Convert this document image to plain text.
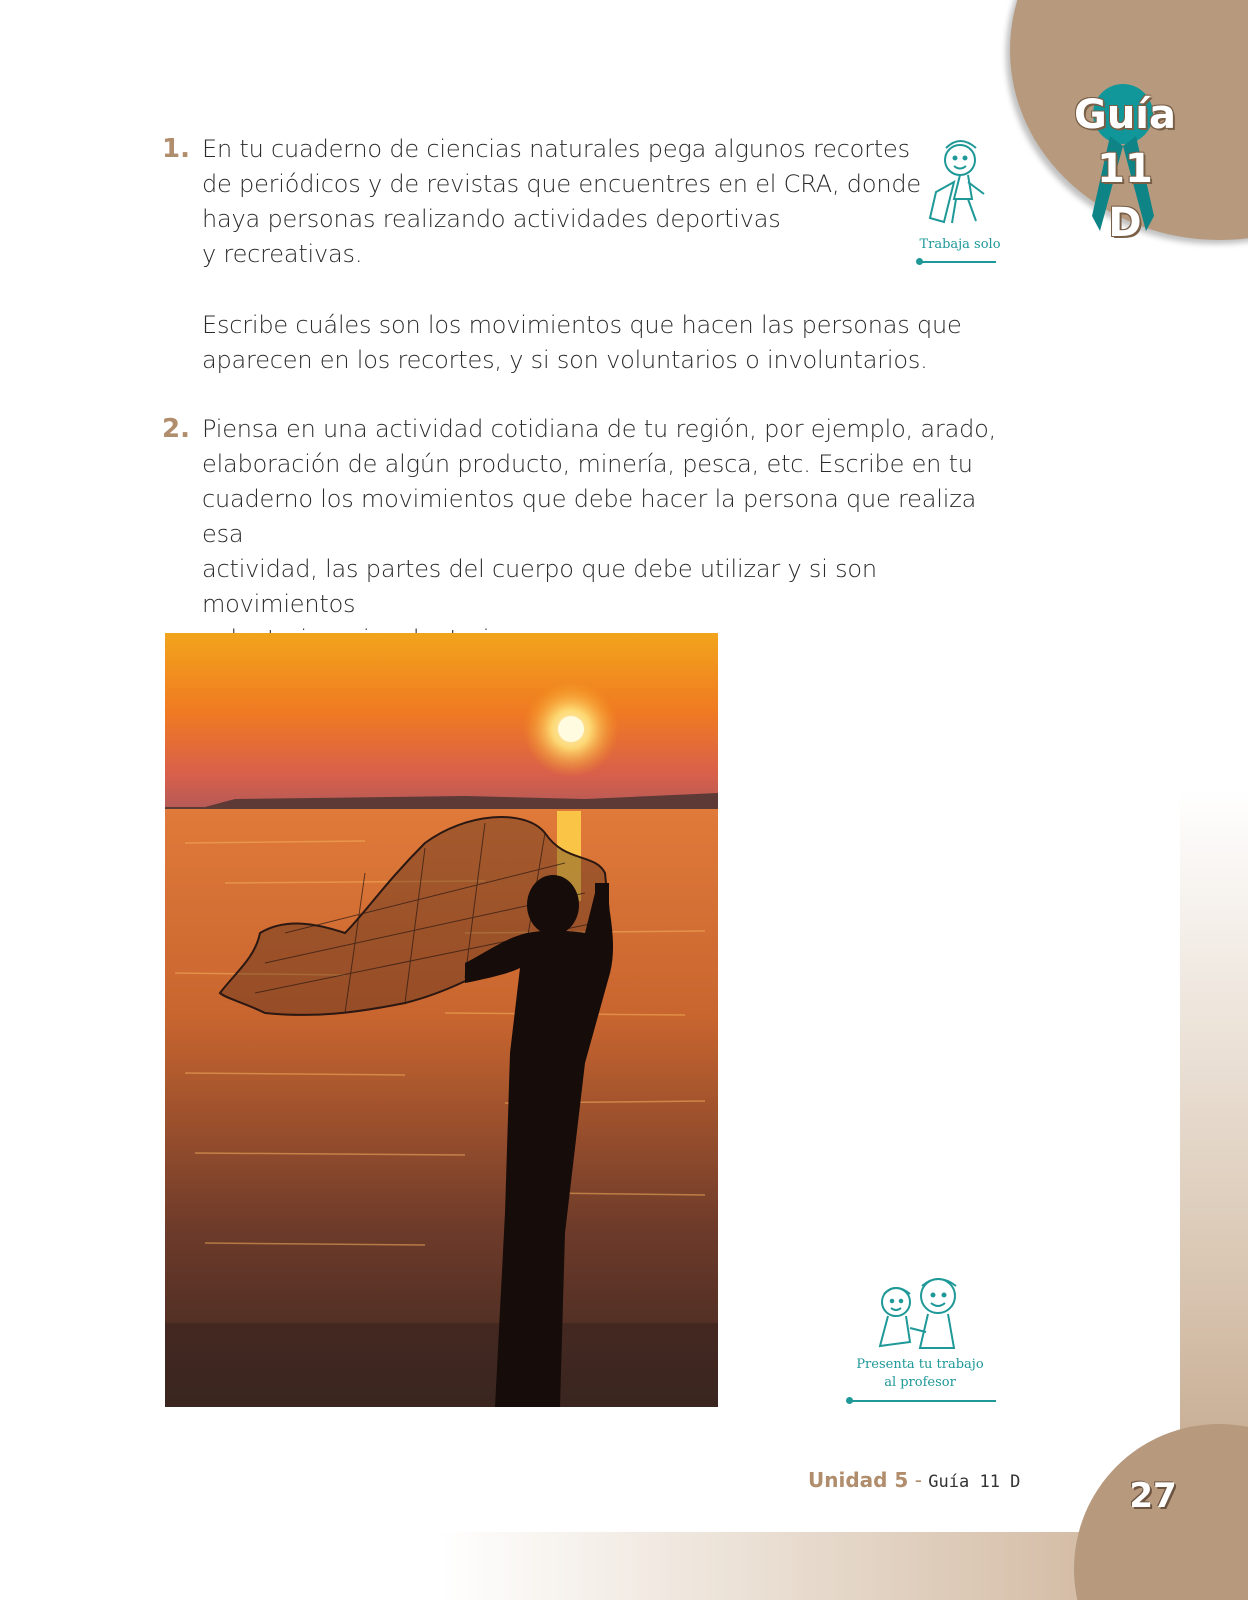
Guía 11
D
1. En tu cuaderno de ciencias naturales pega algunos recortes
de periódicos y de revistas que encuentres en el CRA, donde
haya personas realizando actividades deportivas
y recreativas.
Escribe cuáles son los movimientos que hacen las personas que
aparecen en los recortes, y si son voluntarios o involuntarios.
2. Piensa en una actividad cotidiana de tu región, por ejemplo, arado,
elaboración de algún producto, minería, pesca, etc. Escribe en tu
cuaderno los movimientos que debe hacer la persona que realiza esa
actividad, las partes del cuerpo que debe utilizar y si son movimientos

Trabaja solo
Presenta tu trabajo
al profesor
Unidad 5 - Guía 11 D	27
